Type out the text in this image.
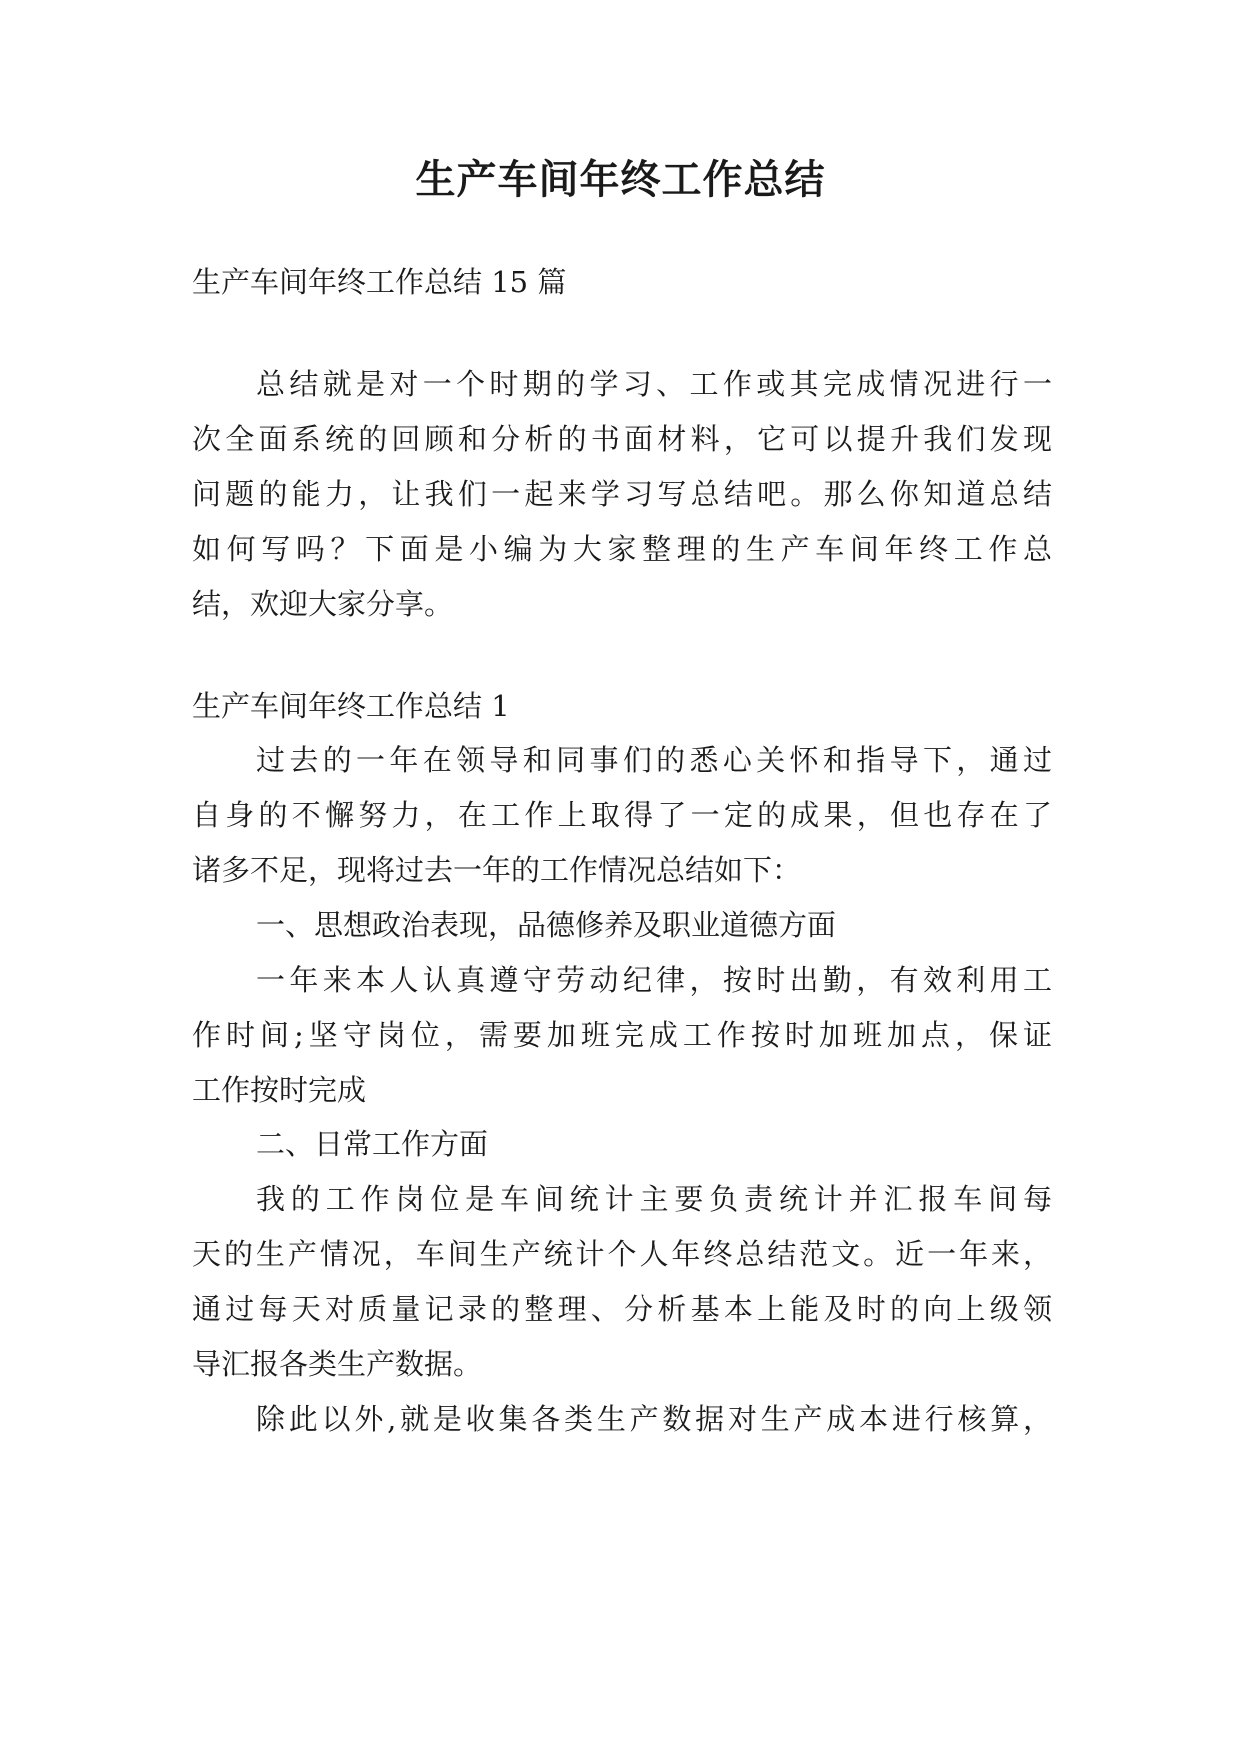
生产车间年终工作总结

生产车间年终工作总结 15 篇

总结就是对一个时期的学习、工作或其完成情况进行一

次全面系统的回顾和分析的书面材料，它可以提升我们发现

问题的能力，让我们一起来学习写总结吧。那么你知道总结

如何写吗？下面是小编为大家整理的生产车间年终工作总

结，欢迎大家分享。

生产车间年终工作总结 1

过去的一年在领导和同事们的悉心关怀和指导下，通过

自身的不懈努力，在工作上取得了一定的成果，但也存在了

诸多不足，现将过去一年的工作情况总结如下：

一、思想政治表现，品德修养及职业道德方面

一年来本人认真遵守劳动纪律，按时出勤，有效利用工

作时间;坚守岗位，需要加班完成工作按时加班加点，保证

工作按时完成

二、日常工作方面

我的工作岗位是车间统计主要负责统计并汇报车间每

天的生产情况，车间生产统计个人年终总结范文。近一年来，

通过每天对质量记录的整理、分析基本上能及时的向上级领

导汇报各类生产数据。

除此以外,就是收集各类生产数据对生产成本进行核算，
